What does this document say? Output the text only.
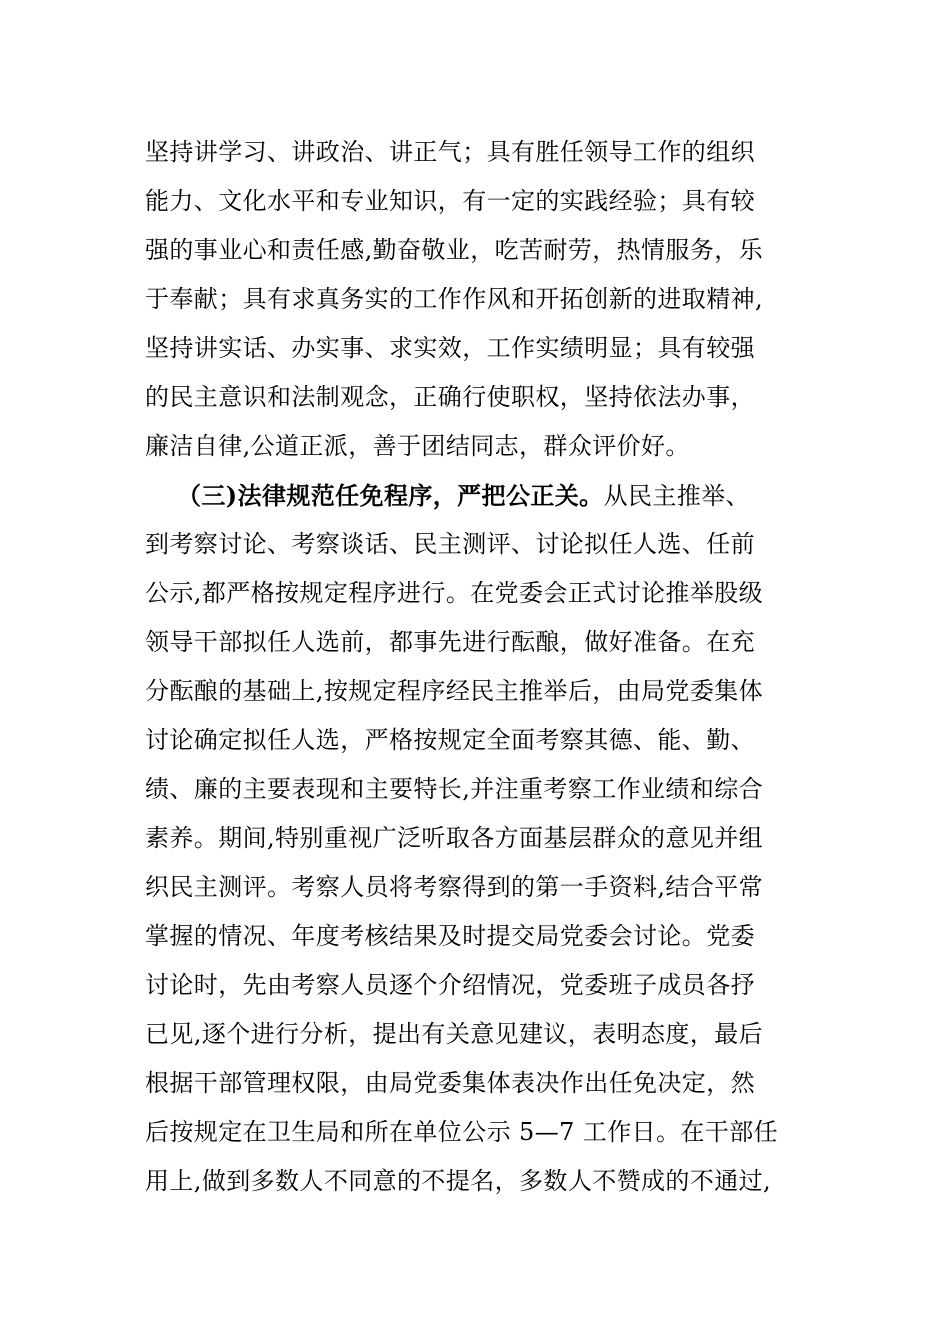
坚持讲学习、讲政治、讲正气；具有胜任领导工作的组织
能力、文化水平和专业知识，有一定的实践经验；具有较
强的事业心和责任感,勤奋敬业，吃苦耐劳，热情服务，乐
于奉献；具有求真务实的工作作风和开拓创新的进取精神,
坚持讲实话、办实事、求实效，工作实绩明显；具有较强
的民主意识和法制观念，正确行使职权，坚持依法办事，
廉洁自律,公道正派，善于团结同志，群众评价好。
（三)法律规范任免程序，严把公正关。从民主推举、
到考察讨论、考察谈话、民主测评、讨论拟任人选、任前
公示,都严格按规定程序进行。在党委会正式讨论推举股级
领导干部拟任人选前，都事先进行酝酿，做好准备。在充
分酝酿的基础上,按规定程序经民主推举后，由局党委集体
讨论确定拟任人选，严格按规定全面考察其德、能、勤、
绩、廉的主要表现和主要特长,并注重考察工作业绩和综合
素养。期间,特别重视广泛听取各方面基层群众的意见并组
织民主测评。考察人员将考察得到的第一手资料,结合平常
掌握的情况、年度考核结果及时提交局党委会讨论。党委
讨论时，先由考察人员逐个介绍情况，党委班子成员各抒
已见,逐个进行分析，提出有关意见建议，表明态度，最后
根据干部管理权限，由局党委集体表决作出任免决定，然
后按规定在卫生局和所在单位公示 5—7 工作日。在干部任
用上,做到多数人不同意的不提名，多数人不赞成的不通过,
